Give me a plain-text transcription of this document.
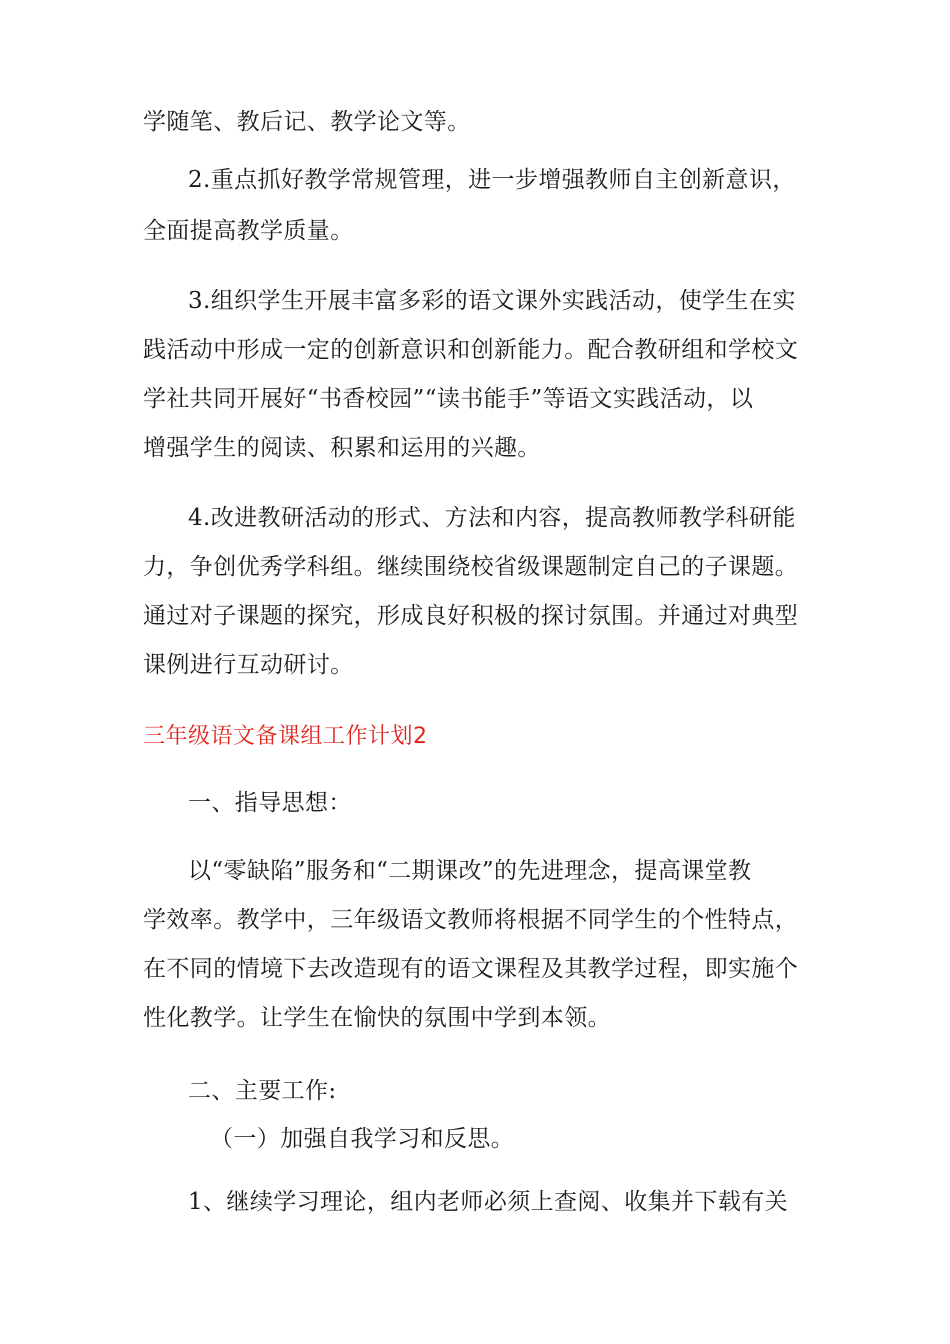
学随笔、教后记、教学论文等。
2.重点抓好教学常规管理，进一步增强教师自主创新意识，
全面提高教学质量。
3.组织学生开展丰富多彩的语文课外实践活动，使学生在实
践活动中形成一定的创新意识和创新能力。配合教研组和学校文
学社共同开展好“书香校园”“读书能手”等语文实践活动，以
增强学生的阅读、积累和运用的兴趣。
4.改进教研活动的形式、方法和内容，提高教师教学科研能
力，争创优秀学科组。继续围绕校省级课题制定自己的子课题。
通过对子课题的探究，形成良好积极的探讨氛围。并通过对典型
课例进行互动研讨。
三年级语文备课组工作计划2
一、指导思想：
以“零缺陷”服务和“二期课改”的先进理念，提高课堂教
学效率。教学中，三年级语文教师将根据不同学生的个性特点，
在不同的情境下去改造现有的语文课程及其教学过程，即实施个
性化教学。让学生在愉快的氛围中学到本领。
二、主要工作:
（一）加强自我学习和反思。
1、继续学习理论，组内老师必须上查阅、收集并下载有关
